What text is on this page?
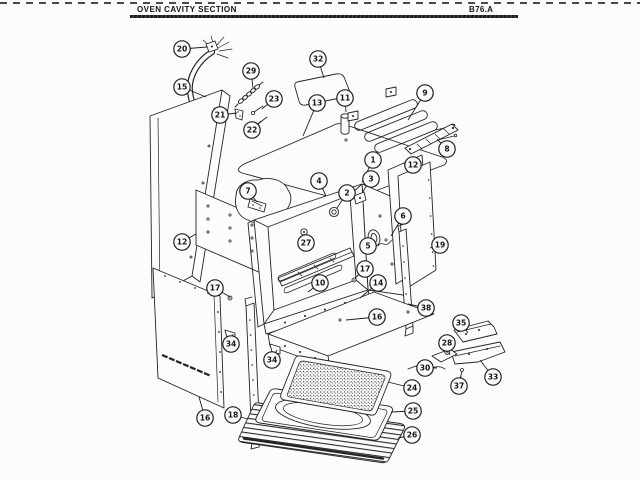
OVEN CAVITY SECTION	B76.A
20
15
29
23
21
22
32
13
11
9
8
1
12
3
4
2
7
27	5
6
19
17
17
12
10	14
16
38
34
34
16 18
35
28
30
33
37
24
25
26
